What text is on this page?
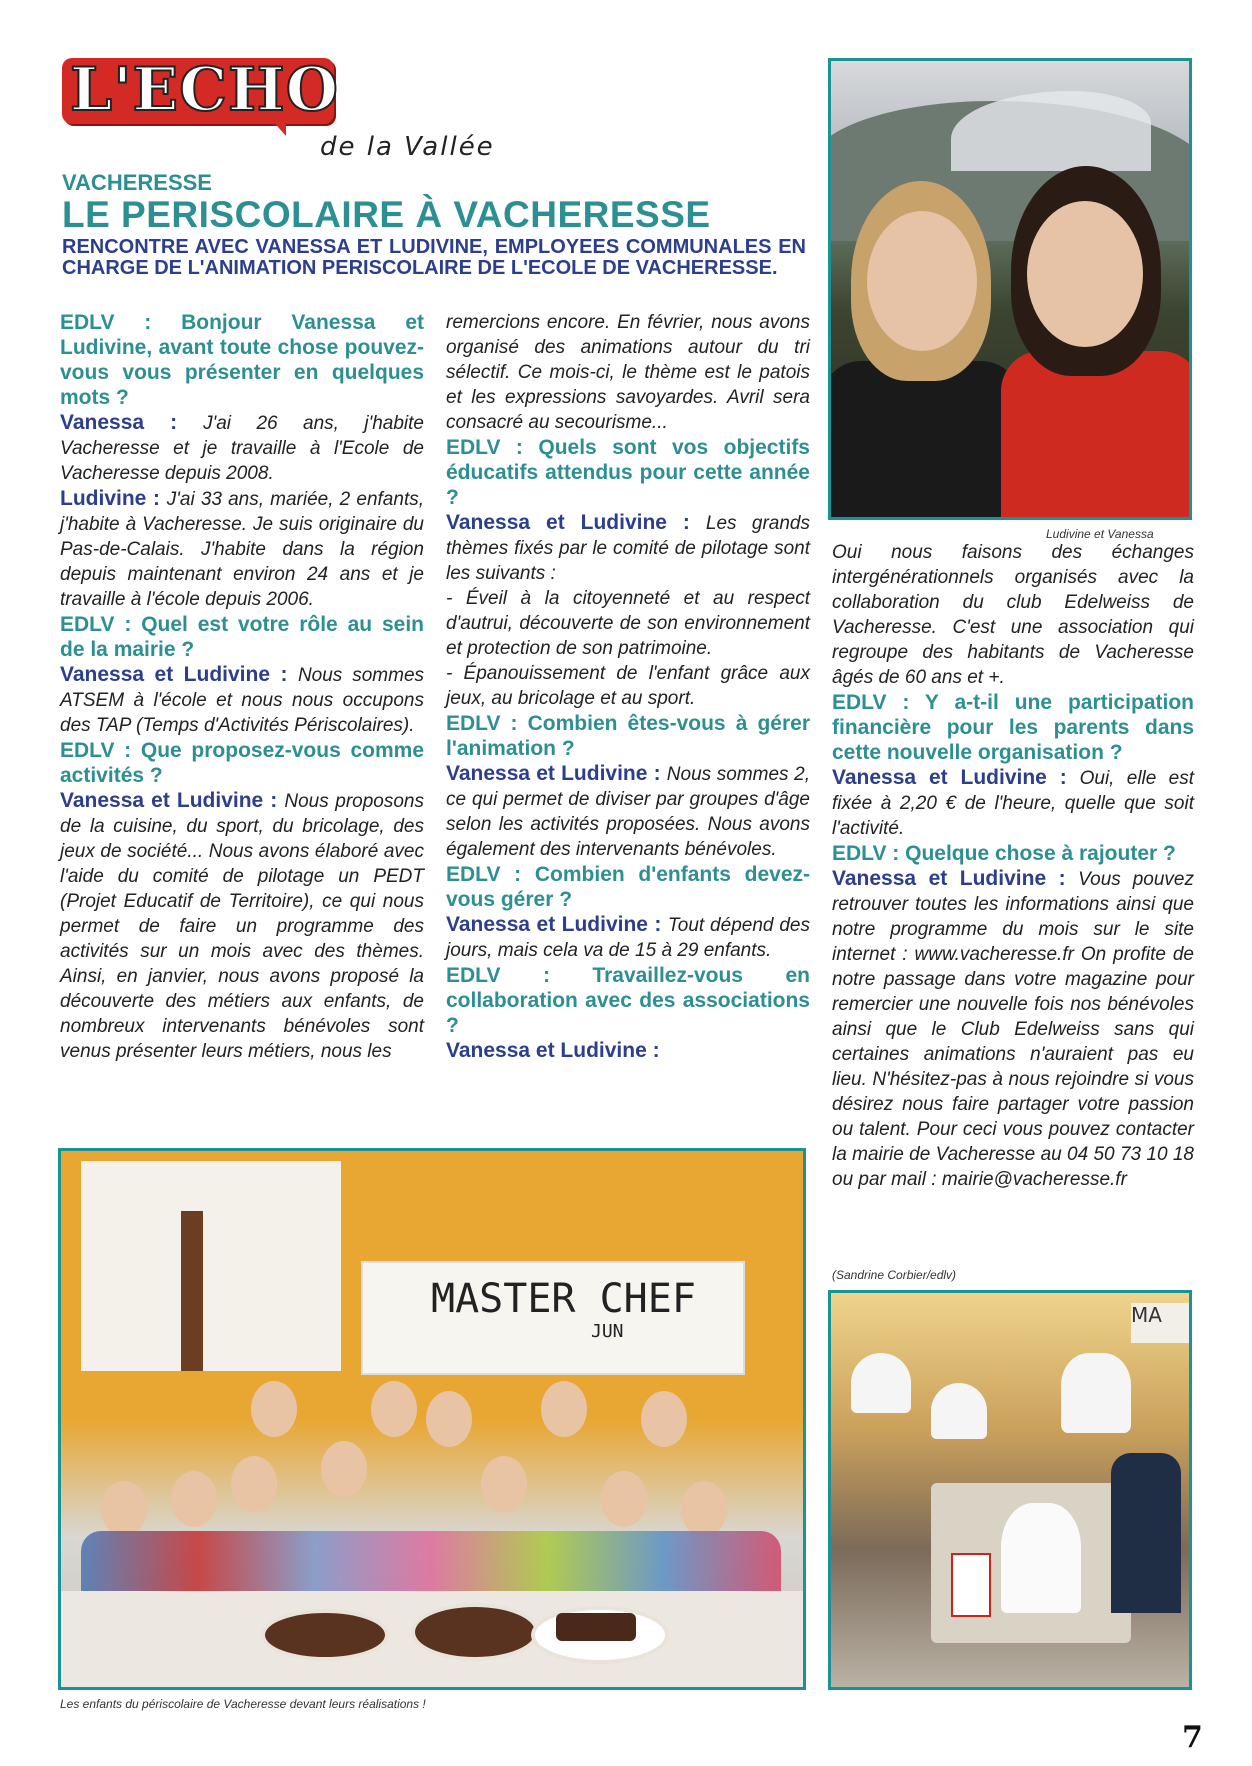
L'ECHO
de la Vallée
VACHERESSE
LE PERISCOLAIRE À VACHERESSE
RENCONTRE AVEC VANESSA ET LUDIVINE, EMPLOYEES COMMUNALES EN CHARGE DE L'ANIMATION PERISCOLAIRE DE L'ECOLE DE VACHERESSE.

EDLV : Bonjour Vanessa et Ludivine, avant toute chose pouvez-vous vous présenter en quelques mots ?

Vanessa : J'ai 26 ans, j'habite Vacheresse et je travaille à l'Ecole de Vacheresse depuis 2008.

Ludivine : J'ai 33 ans, mariée, 2 enfants, j'habite à Vacheresse. Je suis originaire du Pas-de-Calais. J'habite dans la région depuis maintenant environ 24 ans et je travaille à l'école depuis 2006.

EDLV : Quel est votre rôle au sein de la mairie ?

Vanessa et Ludivine : Nous sommes ATSEM à l'école et nous nous occupons des TAP (Temps d'Activités Périscolaires).

EDLV : Que proposez-vous comme activités ?

Vanessa et Ludivine : Nous proposons de la cuisine, du sport, du bricolage, des jeux de société... Nous avons élaboré avec l'aide du comité de pilotage un PEDT (Projet Educatif de Territoire), ce qui nous permet de faire un programme des activités sur un mois avec des thèmes. Ainsi, en janvier, nous avons proposé la découverte des métiers aux enfants, de nombreux intervenants bénévoles sont venus présenter leurs métiers, nous les

remercions encore. En février, nous avons organisé des animations autour du tri sélectif. Ce mois-ci, le thème est le patois et les expressions savoyardes. Avril sera consacré au secourisme...

EDLV : Quels sont vos objectifs éducatifs attendus pour cette année ?

Vanessa et Ludivine : Les grands thèmes fixés par le comité de pilotage sont les suivants :

- Éveil à la citoyenneté et au respect d'autrui, découverte de son environnement et protection de son patrimoine.

- Épanouissement de l'enfant grâce aux jeux, au bricolage et au sport.

EDLV : Combien êtes-vous à gérer l'animation ?

Vanessa et Ludivine : Nous sommes 2, ce qui permet de diviser par groupes d'âge selon les activités proposées. Nous avons également des intervenants bénévoles.

EDLV : Combien d'enfants devez-vous gérer ?

Vanessa et Ludivine : Tout dépend des jours, mais cela va de 15 à 29 enfants.

EDLV : Travaillez-vous en collaboration avec des associations ?

Vanessa et Ludivine :

Oui nous faisons des échanges intergénérationnels organisés avec la collaboration du club Edelweiss de Vacheresse. C'est une association qui regroupe des habitants de Vacheresse âgés de 60 ans et +.

EDLV : Y a-t-il une participation financière pour les parents dans cette nouvelle organisation ?

Vanessa et Ludivine : Oui, elle est fixée à 2,20 € de l'heure, quelle que soit l'activité.

EDLV : Quelque chose à rajouter ?

Vanessa et Ludivine : Vous pouvez retrouver toutes les informations ainsi que notre programme du mois sur le site internet : www.vacheresse.fr On profite de notre passage dans votre magazine pour remercier une nouvelle fois nos bénévoles ainsi que le Club Edelweiss sans qui certaines animations n'auraient pas eu lieu. N'hésitez-pas à nous rejoindre si vous désirez nous faire partager votre passion ou talent. Pour ceci vous pouvez contacter la mairie de Vacheresse au 04 50 73 10 18 ou par mail : mairie@vacheresse.fr

(Sandrine Corbier/edlv)
Ludivine et Vanessa
MASTER CHEF
JUN
Les enfants du périscolaire de Vacheresse devant leurs réalisations !
MA
7
